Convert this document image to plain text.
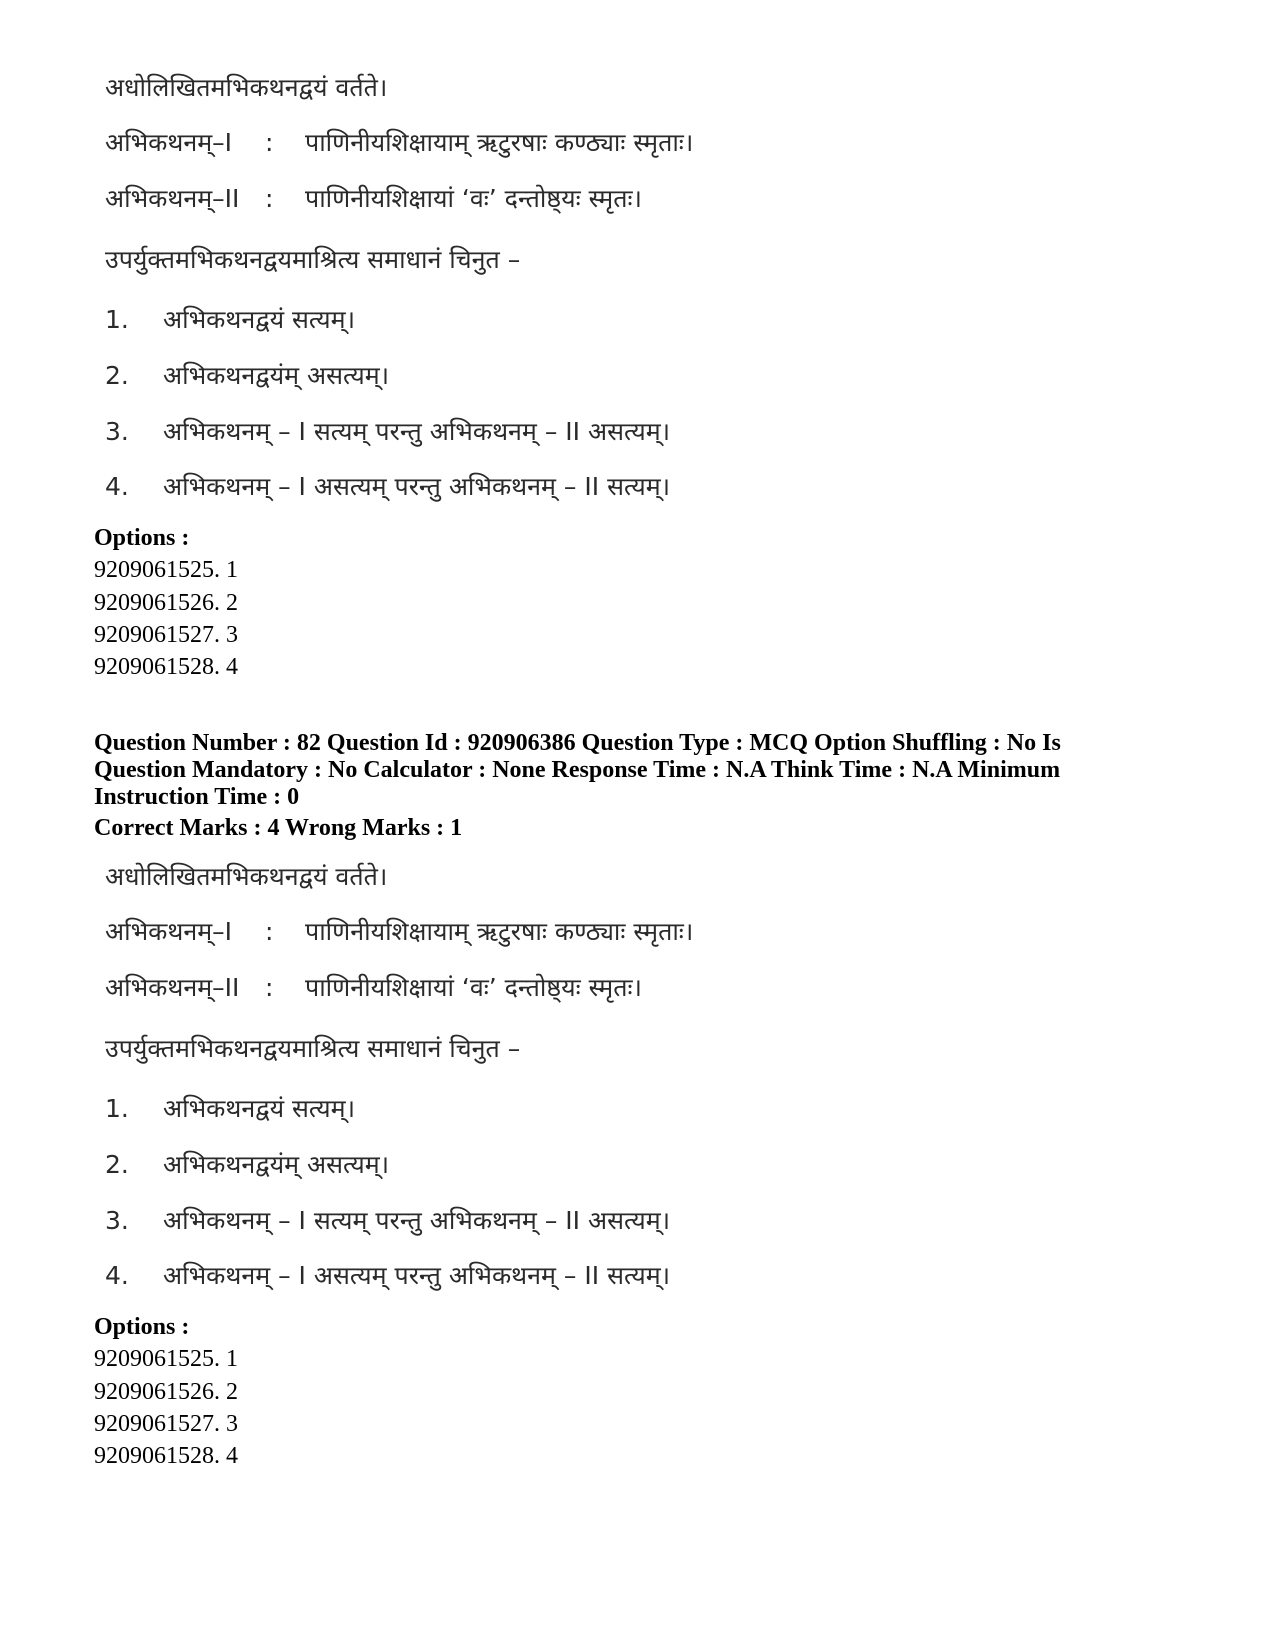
अधोलिखितमभिकथनद्वयं वर्तते।
अभिकथनम्–I : पाणिनीयशिक्षायाम् ऋटुरषाः कण्ठ्याः स्मृताः।
अभिकथनम्–II : पाणिनीयशिक्षायां ‘वः’ दन्तोष्ठ्यः स्मृतः।
उपर्युक्तमभिकथनद्वयमाश्रित्य समाधानं चिनुत –
1. अभिकथनद्वयं सत्यम्।
2. अभिकथनद्वयंम् असत्यम्।
3. अभिकथनम् – I सत्यम् परन्तु अभिकथनम् – II असत्यम्।
4. अभिकथनम् – I असत्यम् परन्तु अभिकथनम् – II सत्यम्।
Options :
9209061525. 1
9209061526. 2
9209061527. 3
9209061528. 4
Question Number : 82 Question Id : 920906386 Question Type : MCQ Option Shuffling : No Is Question Mandatory : No Calculator : None Response Time : N.A Think Time : N.A Minimum Instruction Time : 0
Correct Marks : 4 Wrong Marks : 1
अधोलिखितमभिकथनद्वयं वर्तते।
अभिकथनम्–I : पाणिनीयशिक्षायाम् ऋटुरषाः कण्ठ्याः स्मृताः।
अभिकथनम्–II : पाणिनीयशिक्षायां ‘वः’ दन्तोष्ठ्यः स्मृतः।
उपर्युक्तमभिकथनद्वयमाश्रित्य समाधानं चिनुत –
1. अभिकथनद्वयं सत्यम्।
2. अभिकथनद्वयंम् असत्यम्।
3. अभिकथनम् – I सत्यम् परन्तु अभिकथनम् – II असत्यम्।
4. अभिकथनम् – I असत्यम् परन्तु अभिकथनम् – II सत्यम्।
Options :
9209061525. 1
9209061526. 2
9209061527. 3
9209061528. 4
